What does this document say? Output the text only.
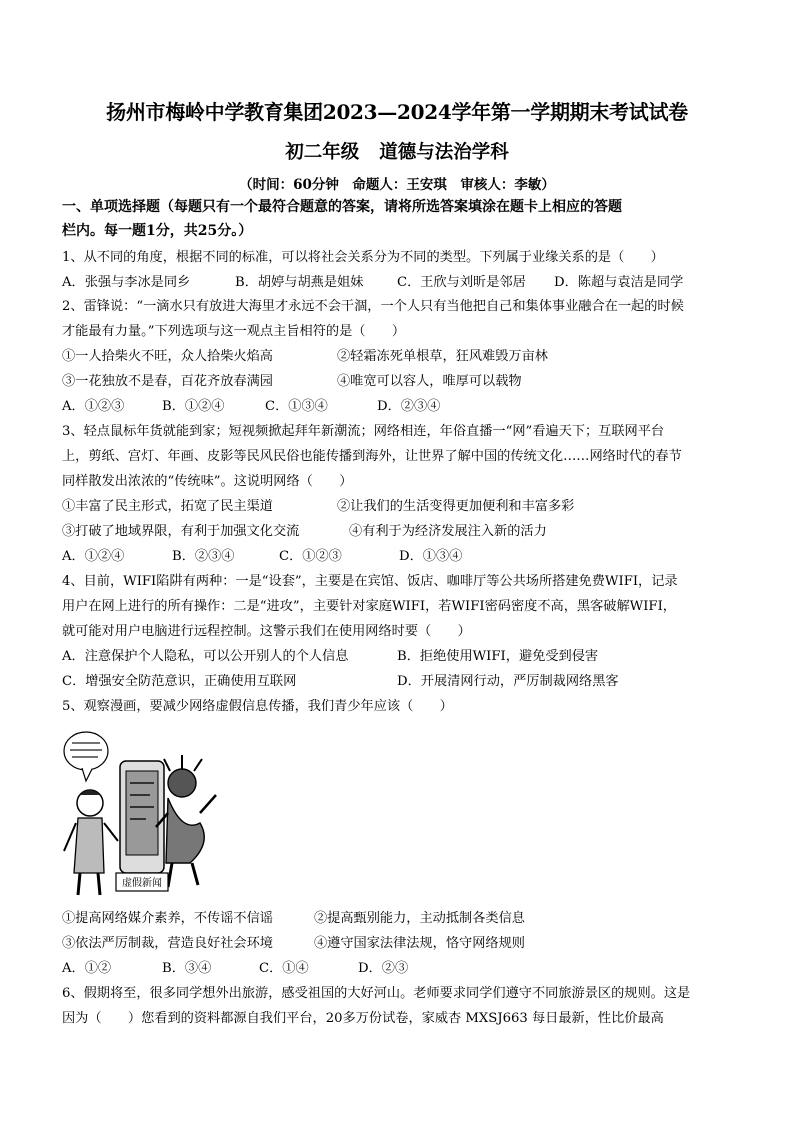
扬州市梅岭中学教育集团2023—2024学年第一学期期末考试试卷
初二年级 道德与法治学科
（时间：60分钟　命题人：王安琪　审核人：李敏）
一、单项选择题（每题只有一个最符合题意的答案，请将所选答案填涂在题卡上相应的答题
栏内。每一题1分，共25分。）
1、从不同的角度，根据不同的标准，可以将社会关系分为不同的类型。下列属于业缘关系的是（　　）
A．张强与李冰是同乡	B．胡婷与胡燕是姐妹	C．王欣与刘昕是邻居 D．陈超与袁洁是同学
2、雷锋说：“一滴水只有放进大海里才永远不会干涸，一个人只有当他把自己和集体事业融合在一起的时候
才能最有力量。”下列选项与这一观点主旨相符的是（　　）
①一人拾柴火不旺，众人拾柴火焰高	②轻霜冻死单根草，狂风难毁万亩林
③一花独放不是春，百花齐放春满园	④唯宽可以容人，唯厚可以载物
A．①②③	B．①②④	C．①③④	D．②③④
3、轻点鼠标年货就能到家；短视频掀起拜年新潮流；网络相连，年俗直播一“网”看遍天下；互联网平台
上，剪纸、宫灯、年画、皮影等民风民俗也能传播到海外，让世界了解中国的传统文化……网络时代的春节
同样散发出浓浓的“传统味”。这说明网络（　　）
①丰富了民主形式，拓宽了民主渠道	②让我们的生活变得更加便利和丰富多彩
③打破了地域界限，有利于加强文化交流	④有利于为经济发展注入新的活力
A．①②④	B．②③④	C．①②③	D．①③④
4、目前，WIFI陷阱有两种：一是“设套”，主要是在宾馆、饭店、咖啡厅等公共场所搭建免费WIFI，记录
用户在网上进行的所有操作：二是“进攻”，主要针对家庭WIFI，若WIFI密码密度不高，黑客破解WIFI，
就可能对用户电脑进行远程控制。这警示我们在使用网络时要（　　）
A．注意保护个人隐私，可以公开别人的个人信息	B．拒绝使用WIFI，避免受到侵害
C．增强安全防范意识，正确使用互联网	D．开展清网行动，严厉制裁网络黑客
5、观察漫画，要减少网络虚假信息传播，我们青少年应该（　　）
虚假新闻
①提高网络媒介素养，不传谣不信谣	②提高甄别能力，主动抵制各类信息
③依法严厉制裁，营造良好社会环境	④遵守国家法律法规，恪守网络规则
A．①②	B．③④	C．①④	D．②③
6、假期将至，很多同学想外出旅游，感受祖国的大好河山。老师要求同学们遵守不同旅游景区的规则。这是
因为（　　）您看到的资料都源自我们平台，20多万份试卷，家威杏 MXSJ663 每日最新，性比价最高
